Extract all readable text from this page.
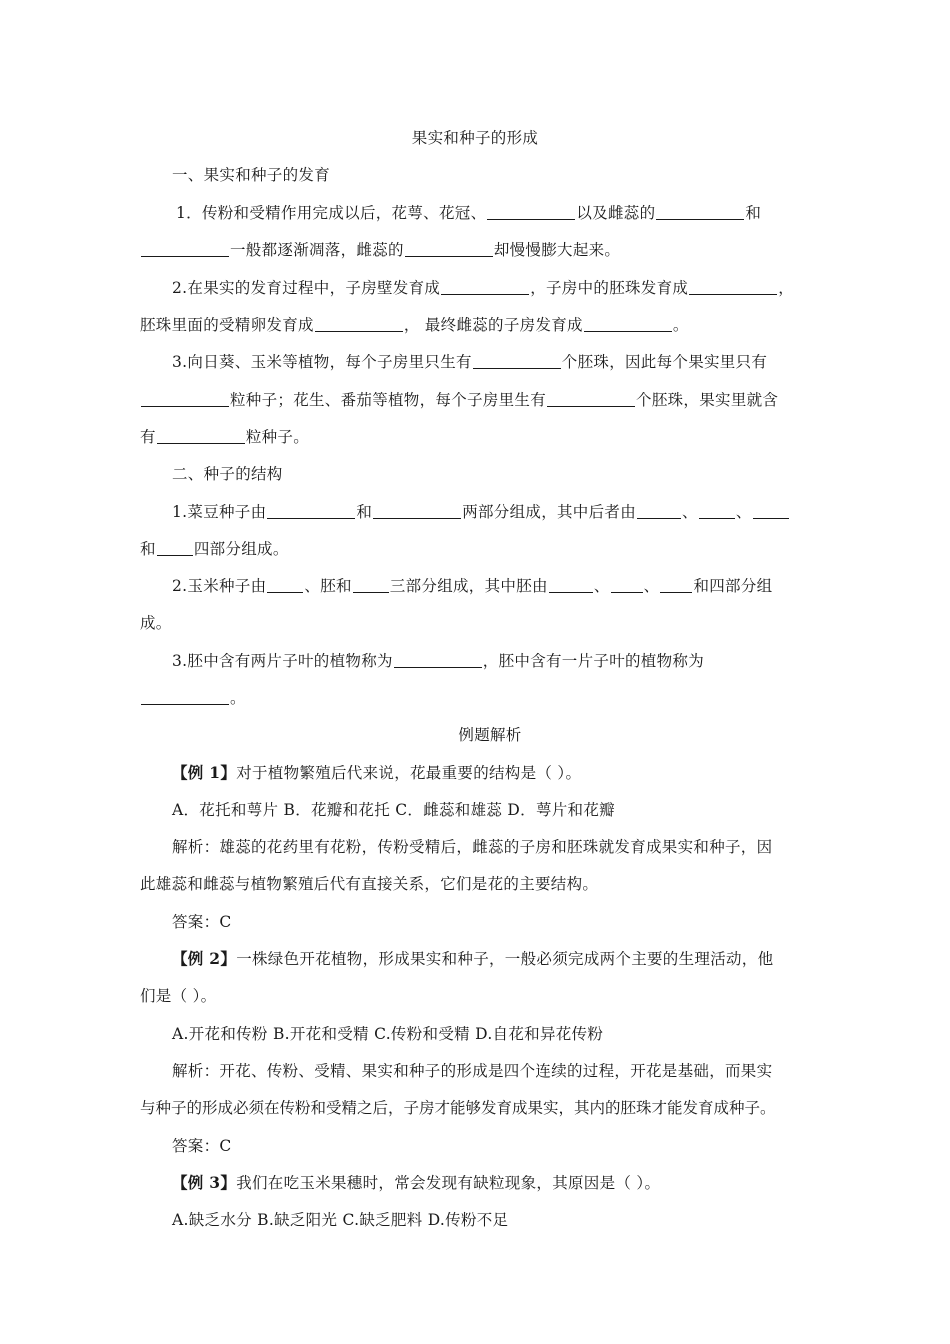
果实和种子的形成
一、果实和种子的发育
1．传粉和受精作用完成以后，花萼、花冠、	以及雌蕊的	和
一般都逐渐凋落，雌蕊的	却慢慢膨大起来。
2.在果实的发育过程中，子房壁发育成	，子房中的胚珠发育成	，
胚珠里面的受精卵发育成	， 最终雌蕊的子房发育成	。
3.向日葵、玉米等植物，每个子房里只生有	个胚珠，因此每个果实里只有
粒种子；花生、番茄等植物，每个子房里生有	个胚珠，果实里就含
有	粒种子。
二、种子的结构
1.菜豆种子由	和	两部分组成，其中后者由	、 、
和 四部分组成。
2.玉米种子由 、胚和 三部分组成，其中胚由	、 、 和四部分组
成。
3.胚中含有两片子叶的植物称为	，胚中含有一片子叶的植物称为
。
例题解析
【例 1】对于植物繁殖后代来说，花最重要的结构是（ ）。
A．花托和萼片 B．花瓣和花托 C．雌蕊和雄蕊 D．萼片和花瓣
解析：雄蕊的花药里有花粉，传粉受精后，雌蕊的子房和胚珠就发育成果实和种子，因
此雄蕊和雌蕊与植物繁殖后代有直接关系，它们是花的主要结构。
答案：C
【例 2】一株绿色开花植物，形成果实和种子，一般必须完成两个主要的生理活动，他
们是（ ）。
A.开花和传粉 B.开花和受精 C.传粉和受精 D.自花和异花传粉
解析：开花、传粉、受精、果实和种子的形成是四个连续的过程，开花是基础，而果实
与种子的形成必须在传粉和受精之后，子房才能够发育成果实，其内的胚珠才能发育成种子。
答案：C
【例 3】我们在吃玉米果穗时，常会发现有缺粒现象，其原因是（ ）。
A.缺乏水分 B.缺乏阳光 C.缺乏肥料 D.传粉不足
